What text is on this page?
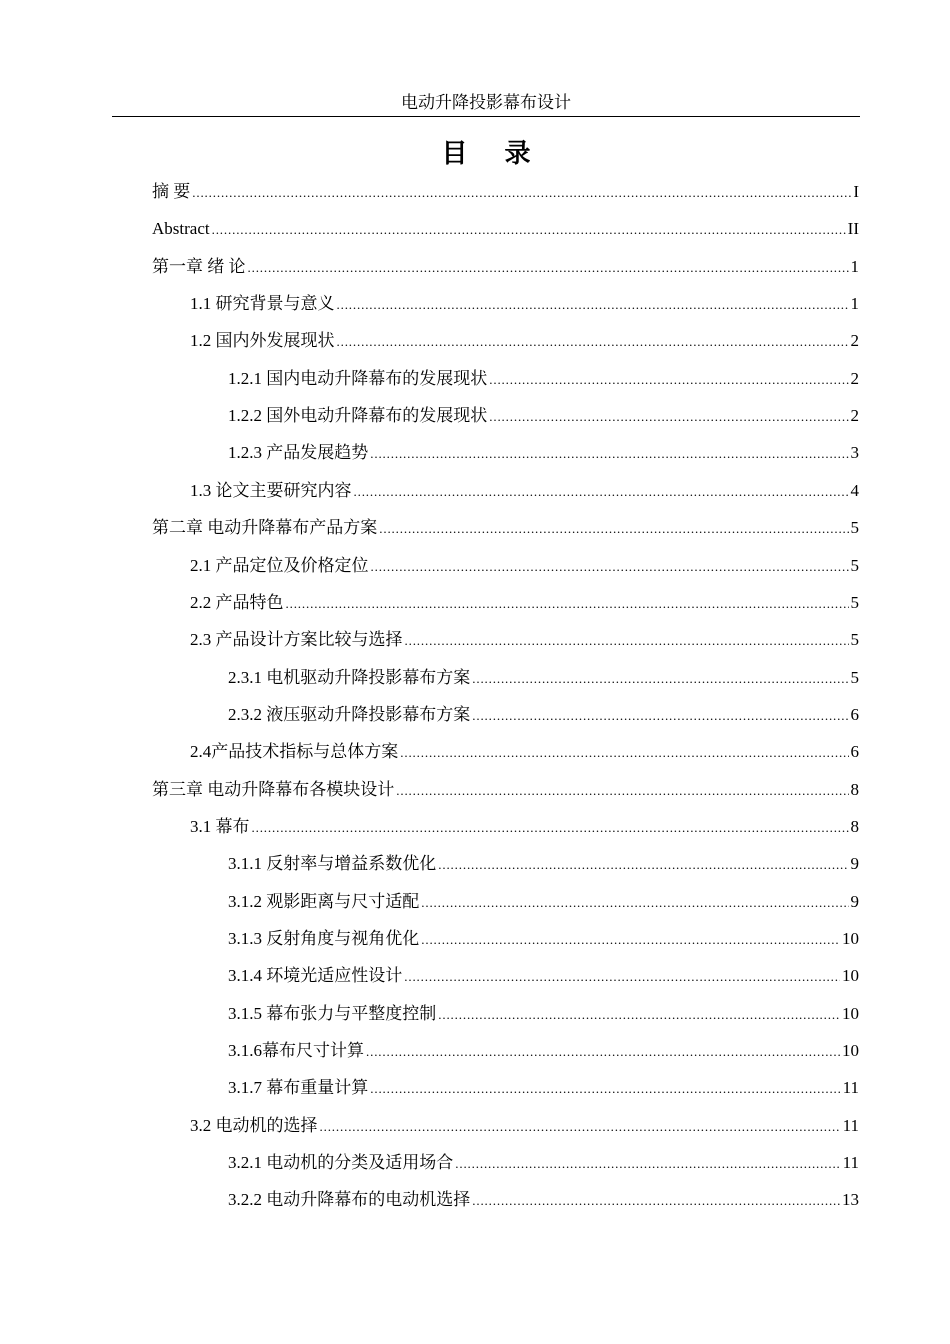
电动升降投影幕布设计
目 录
摘 要 . . .	I
Abstract . . .	II
第一章 绪 论 . . .	1
1.1 研究背景与意义 . . .	1
1.2 国内外发展现状 . . .	2
1.2.1 国内电动升降幕布的发展现状 . . .	2
1.2.2 国外电动升降幕布的发展现状 . . .	2
1.2.3 产品发展趋势 . . .	3
1.3 论文主要研究内容 . . .	4
第二章 电动升降幕布产品方案 . . .	5
2.1 产品定位及价格定位 . . .	5
2.2 产品特色 . . .	5
2.3 产品设计方案比较与选择 . . .	5
2.3.1 电机驱动升降投影幕布方案 . . .	5
2.3.2 液压驱动升降投影幕布方案 . . .	6
2.4产品技术指标与总体方案 . . .	6
第三章 电动升降幕布各模块设计 . . .	8
3.1 幕布 . . .	8
3.1.1 反射率与增益系数优化 . . .	9
3.1.2 观影距离与尺寸适配 . . .	9
3.1.3 反射角度与视角优化 . . .	10
3.1.4 环境光适应性设计 . . .	10
3.1.5 幕布张力与平整度控制 . . .	10
3.1.6幕布尺寸计算 . . .	10
3.1.7 幕布重量计算 . . .	11
3.2 电动机的选择 . . .	11
3.2.1 电动机的分类及适用场合 . . .	11
3.2.2 电动升降幕布的电动机选择 . . .	13
